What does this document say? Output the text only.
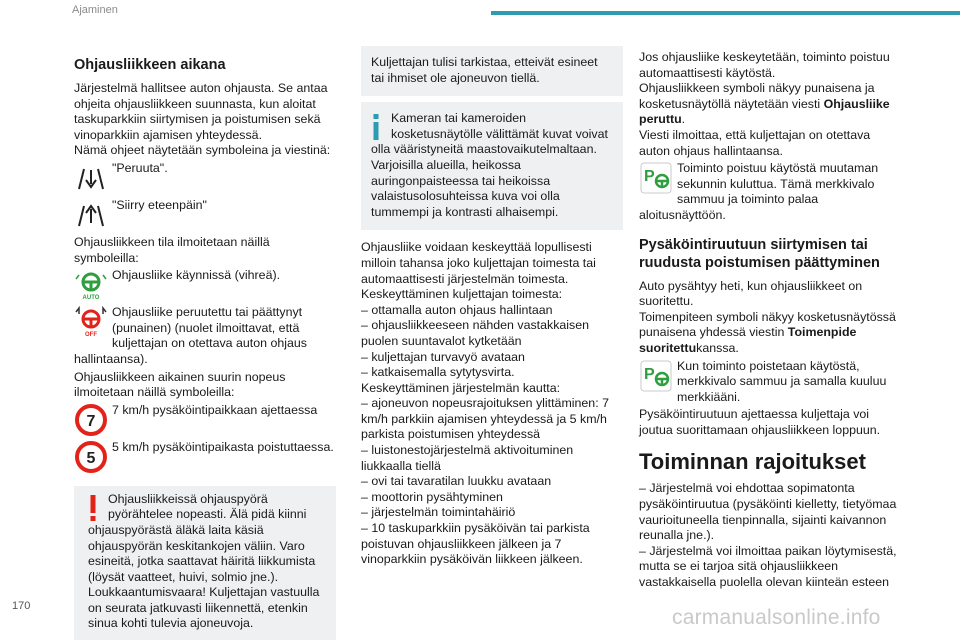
Ajaminen
Ohjausliikkeen aikana

Järjestelmä hallitsee auton ohjausta. Se antaa ohjeita ohjausliikkeen suunnasta, kun aloitat taskuparkkiin siirtymisen ja poistumisen sekä vinoparkkiin ajamisen yhteydessä.

Nämä ohjeet näytetään symboleina ja viestinä:

"Peruuta".
"Siirry eteenpäin"

Ohjausliikkeen tila ilmoitetaan näillä symboleilla:

AUTO
Ohjausliike käynnissä (vihreä).
OFF
Ohjausliike peruutettu tai päättynyt (punainen) (nuolet ilmoittavat, että kuljettajan on otettava auton ohjaus hallintaansa).

Ohjausliikkeen aikainen suurin nopeus ilmoitetaan näillä symboleilla:

7
7 km/h pysäköintipaikkaan ajettaessa
5
5 km/h pysäköintipaikasta poistuttaessa.
Ohjausliikkeissä ohjauspyörä pyörähtelee nopeasti. Älä pidä kiinni ohjauspyörästä äläkä laita käsiä ohjauspyörän keskitankojen väliin. Varo esineitä, jotka saattavat häiritä liikkumista (löysät vaatteet, huivi, solmio jne.). Loukkaantumisvaara! Kuljettajan vastuulla on seurata jatkuvasti liikennettä, etenkin sinua kohti tulevia ajoneuvoja.
Kuljettajan tulisi tarkistaa, etteivät esineet tai ihmiset ole ajoneuvon tiellä.
Kameran tai kameroiden kosketusnäytölle välittämät kuvat voivat olla vääristyneitä maastovaikutelmaltaan. Varjoisilla alueilla, heikossa auringonpaisteessa tai heikoissa valaistusolosuhteissa kuva voi olla tummempi ja kontrasti alhaisempi.

Ohjausliike voidaan keskeyttää lopullisesti milloin tahansa joko kuljettajan toimesta tai automaattisesti järjestelmän toimesta.

Keskeyttäminen kuljettajan toimesta:

– ottamalla auton ohjaus hallintaan

– ohjausliikkeeseen nähden vastakkaisen puolen suuntavalot kytketään

– kuljettajan turvavyö avataan

– katkaisemalla sytytysvirta.

Keskeyttäminen järjestelmän kautta:

– ajoneuvon nopeusrajoituksen ylittäminen: 7 km/h parkkiin ajamisen yhteydessä ja 5 km/h parkista poistumisen yhteydessä

– luistonestojärjestelmä aktivoituminen liukkaalla tiellä

– ovi tai tavaratilan luukku avataan

– moottorin pysähtyminen

– järjestelmän toimintahäiriö

– 10 taskuparkkiin pysäköivän tai parkista poistuvan ohjausliikkeen jälkeen ja 7 vinoparkkiin pysäköivän liikkeen jälkeen.

Jos ohjausliike keskeytetään, toiminto poistuu automaattisesti käytöstä.

Ohjausliikkeen symboli näkyy punaisena ja kosketusnäytöllä näytetään viesti Ohjausliike peruttu.

Viesti ilmoittaa, että kuljettajan on otettava auton ohjaus hallintaansa.

P Toiminto poistuu käytöstä muutaman sekunnin kuluttua. Tämä merkkivalo sammuu ja toiminto palaa aloitusnäyttöön.
Pysäköintiruutuun siirtymisen tai ruudusta poistumisen päättyminen

Auto pysähtyy heti, kun ohjausliikkeet on suoritettu.

Toimenpiteen symboli näkyy kosketusnäytössä punaisena yhdessä viestin Toimenpide suoritettukanssa.

P Kun toiminto poistetaan käytöstä, merkkivalo sammuu ja samalla kuuluu merkkiääni.

Pysäköintiruutuun ajettaessa kuljettaja voi joutua suorittamaan ohjausliikkeen loppuun.

Toiminnan rajoitukset

– Järjestelmä voi ehdottaa sopimatonta pysäköintiruutua (pysäköinti kielletty, tietyömaa vaurioituneella tienpinnalla, sijainti kaivannon reunalla jne.).

– Järjestelmä voi ilmoittaa paikan löytymisestä, mutta se ei tarjoa sitä ohjausliikkeen vastakkaisella puolella olevan kiinteän esteen

170	carmanualsonline.info
